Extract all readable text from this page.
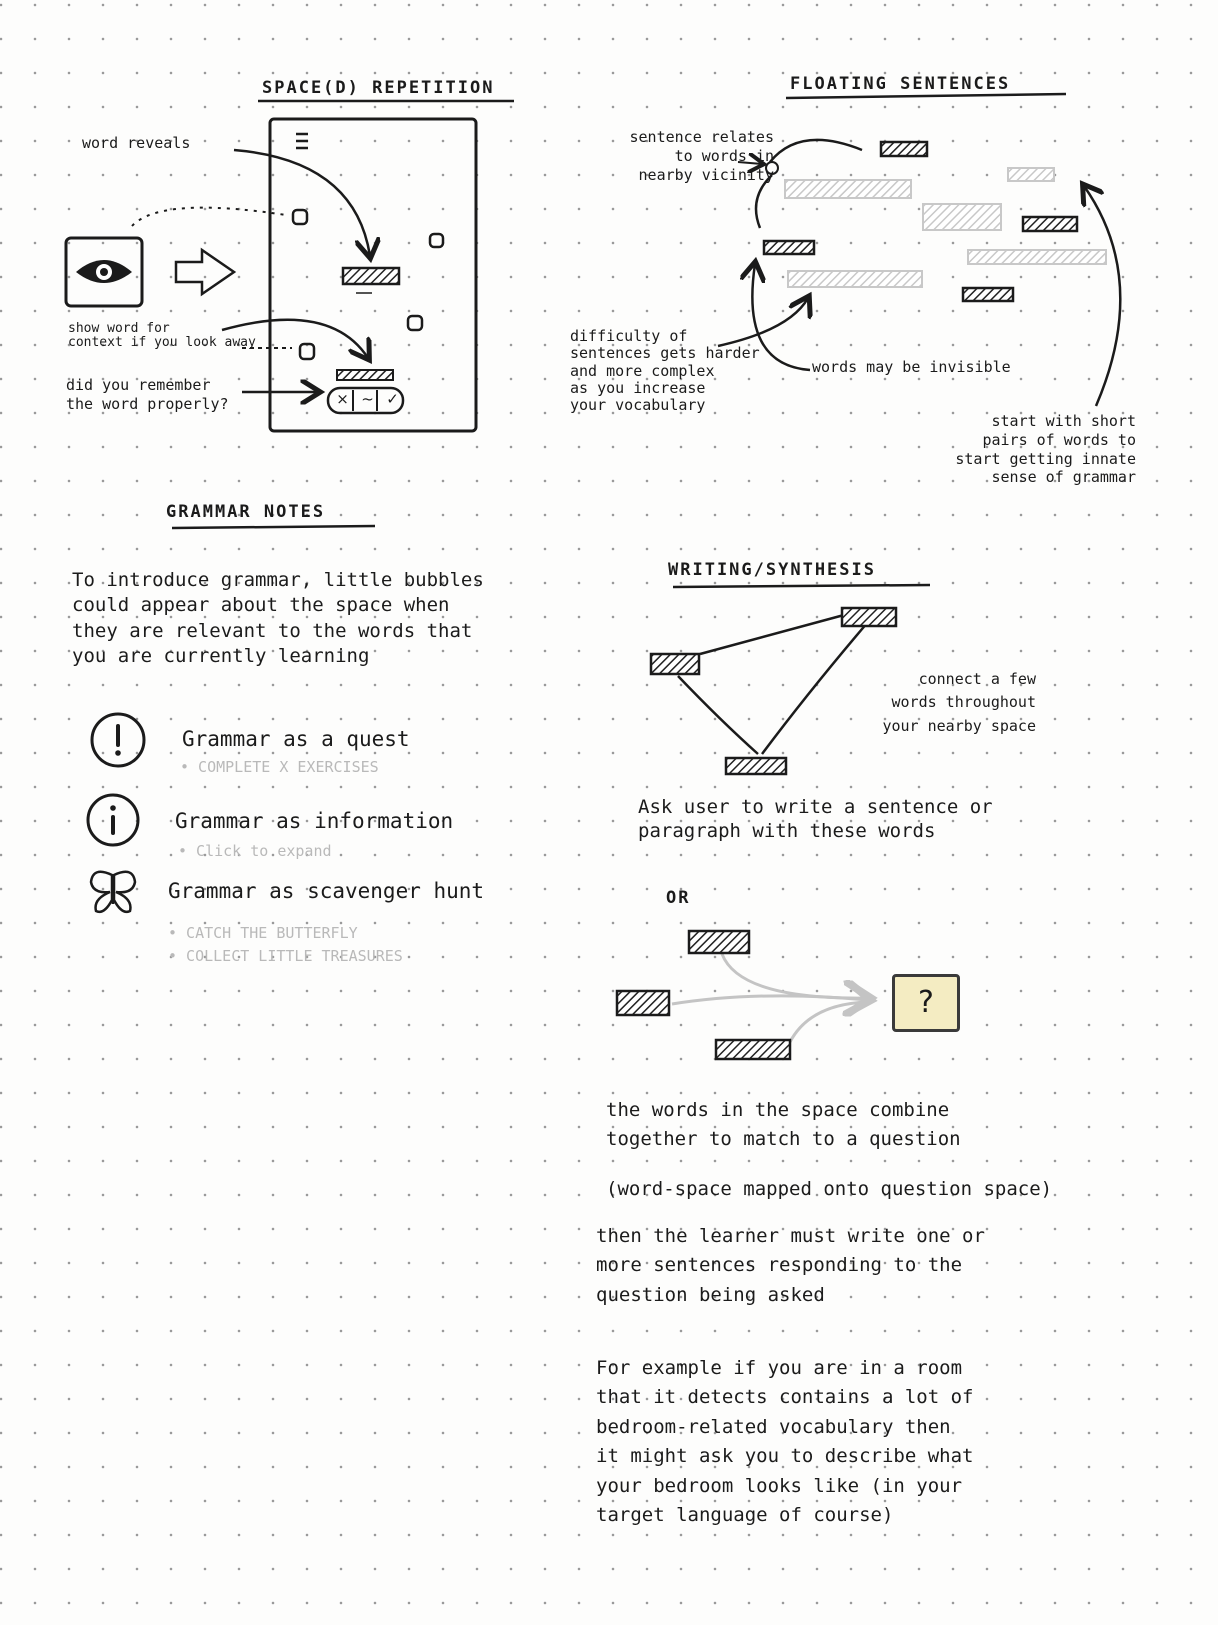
SPACE(D) REPETITION
word reveals
show word for
context if you look away
did you remember
the word properly?	× ~ ✓
FLOATING SENTENCES
sentence relates
to words in
nearby vicinity
difficulty of
sentences gets harder
and more complex
as you increase
your vocabulary
words may be invisible
start with short
pairs of words to
start getting innate
sense of grammar
GRAMMAR NOTES
To introduce grammar, little bubbles
could appear about the space when
they are relevant to the words that
you are currently learning
Grammar as a quest
• COMPLETE X EXERCISES
Grammar as information
• Click to expand
Grammar as scavenger hunt
• CATCH THE BUTTERFLY
• COLLECT LITTLE TREASURES
WRITING/SYNTHESIS
connect a few
words throughout
your nearby space
Ask user to write a sentence or
paragraph with these words
OR
?
the words in the space combine
together to match to a question
(word-space mapped onto question space)
then the learner must write one or
more sentences responding to the
question being asked
For example if you are in a room
that it detects contains a lot of
bedroom-related vocabulary then
it might ask you to describe what
your bedroom looks like (in your
target language of course)
